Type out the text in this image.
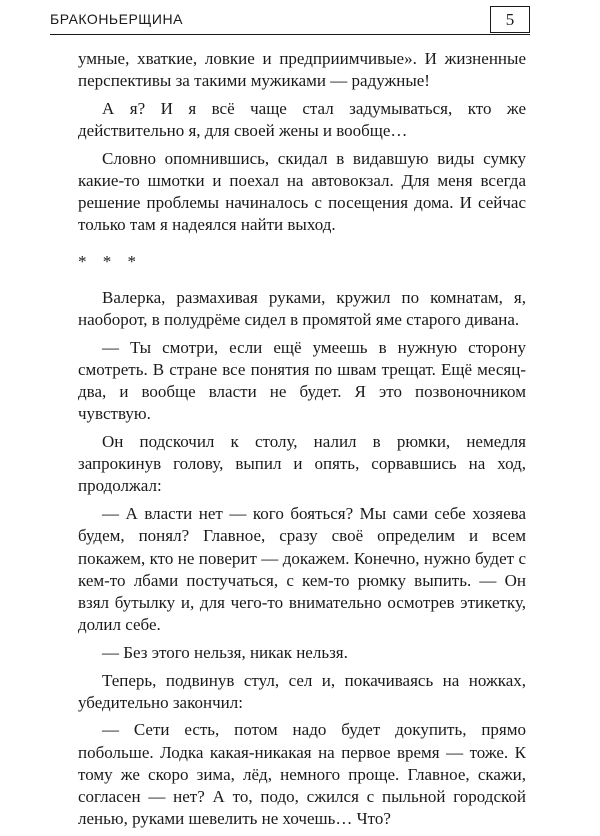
БРАКОНЬЕРЩИНА	5

умные, хваткие, ловкие и предприимчивые». И жизненные перспективы за такими мужиками — радужные!

А я? И я всё чаще стал задумываться, кто же действительно я, для своей жены и вообще…

Словно опомнившись, скидал в видавшую виды сумку какие-то шмотки и поехал на автовокзал. Для меня всегда решение проблемы начиналось с посещения дома. И сейчас только там я надеялся найти выход.

* * *

Валерка, размахивая руками, кружил по комнатам, я, наоборот, в полудрёме сидел в промятой яме старого дивана.

— Ты смотри, если ещё умеешь в нужную сторону смотреть. В стране все понятия по швам трещат. Ещё месяц-два, и вообще власти не будет. Я это позвоночником чувствую.

Он подскочил к столу, налил в рюмки, немедля запрокинув голову, выпил и опять, сорвавшись на ход, продолжал:

— А власти нет — кого бояться? Мы сами себе хозяева будем, понял? Главное, сразу своё определим и всем покажем, кто не поверит — докажем. Конечно, нужно будет с кем-то лбами постучаться, с кем-то рюмку выпить. — Он взял бутылку и, для чего-то внимательно осмотрев этикетку, долил себе.

— Без этого нельзя, никак нельзя.

Теперь, подвинув стул, сел и, покачиваясь на ножках, убедительно закончил:

— Сети есть, потом надо будет докупить, прямо побольше. Лодка какая-никакая на первое время — тоже. К тому же скоро зима, лёд, немного проще. Главное, скажи, согласен — нет? А то, подо, сжился с пыльной городской ленью, руками шевелить не хочешь… Что?
